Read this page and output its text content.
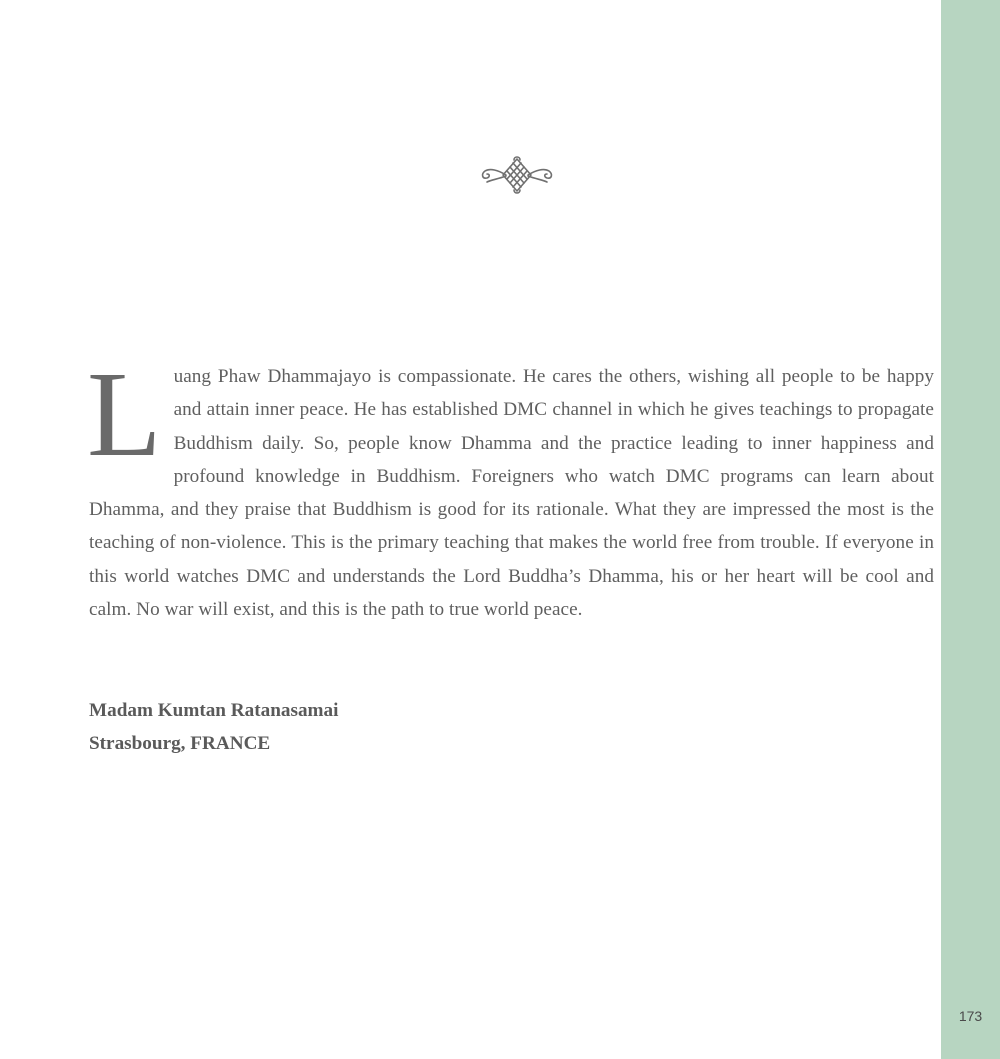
Luang Phaw Dhammajayo is compassionate. He cares the others, wishing all people to be happy and attain inner peace. He has established DMC channel in which he gives teachings to propagate Buddhism daily. So, people know Dhamma and the practice leading to inner happiness and profound knowledge in Buddhism. Foreigners who watch DMC programs can learn about Dhamma, and they praise that Buddhism is good for its rationale. What they are impressed the most is the teaching of non-violence. This is the primary teaching that makes the world free from trouble. If everyone in this world watches DMC and understands the Lord Buddha’s Dhamma, his or her heart will be cool and calm. No war will exist, and this is the path to true world peace.
Madam Kumtan Ratanasamai
Strasbourg, FRANCE
173
